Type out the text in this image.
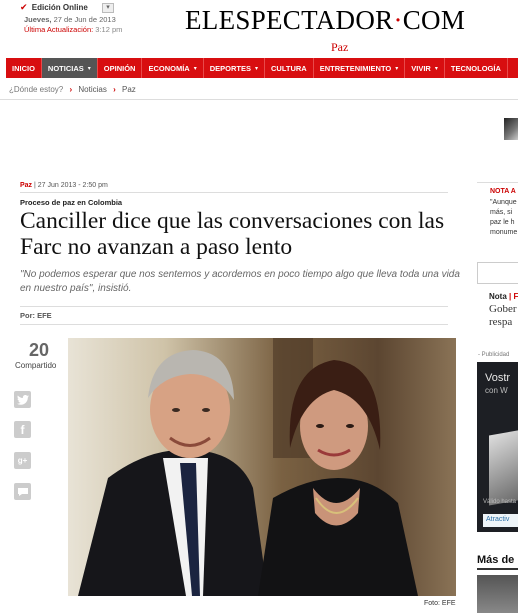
✔ Edición Online	▾
Jueves, 27 de Jun de 2013
Última Actualización: 3:12 pm ELESPECTADOR·COM
Paz
INICIO NOTICIAS ▾ OPINIÓN ECONOMÍA ▾ DEPORTES ▾ CULTURA ENTRETENIMIENTO ▾ VIVIR ▾ TECNOLOGÍA
¿Dónde estoy? › Noticias › Paz
Paz | 27 Jun 2013 - 2:50 pm
Proceso de paz en Colombia
Canciller dice que las conversaciones con las Farc no avanzan a paso lento

"No podemos esperar que nos sentemos y acordemos en poco tiempo algo que lleva toda una vida en nuestro país", insistió.

Por: EFE
20
Compartido
f
g+
Foto: EFE
NOTA A
"Aunque
más, si
paz le h
monume
Nota | F
Gober
respa
- Publicidad
Vostr
con W
Válido hasta
Atractiv
Más de
